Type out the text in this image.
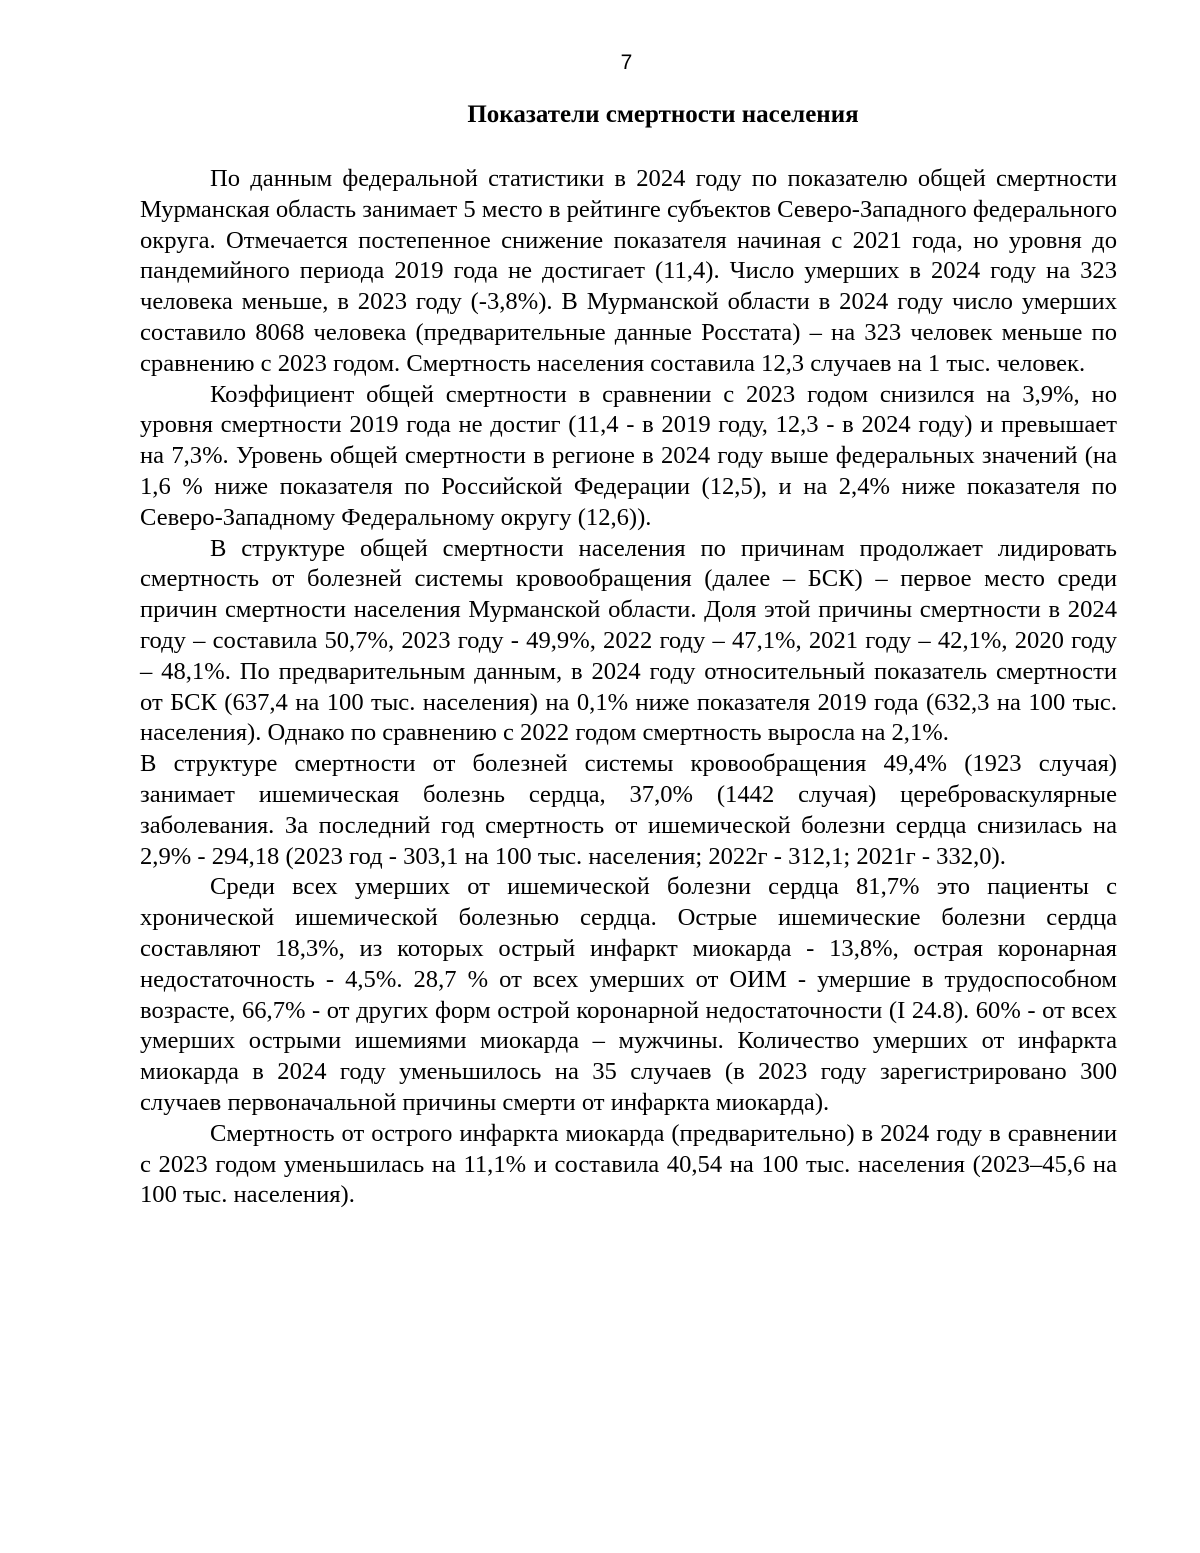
7
Показатели смертности населения

По данным федеральной статистики в 2024 году по показателю общей смертности Мурманская область занимает 5 место в рейтинге субъектов Северо-Западного федерального округа. Отмечается постепенное снижение показателя начиная с 2021 года, но уровня до пандемийного периода 2019 года не достигает (11,4). Число умерших в 2024 году на 323 человека меньше, в 2023 году (-3,8%). В Мурманской области в 2024 году число умерших составило 8068 человека (предварительные данные Росстата) – на 323 человек меньше по сравнению с 2023 годом. Смертность населения составила 12,3 случаев на 1 тыс. человек.

Коэффициент общей смертности в сравнении с 2023 годом снизился на 3,9%, но уровня смертности 2019 года не достиг (11,4 - в 2019 году, 12,3 - в 2024 году) и превышает на 7,3%. Уровень общей смертности в регионе в 2024 году выше федеральных значений (на 1,6 % ниже показателя по Российской Федерации (12,5), и на 2,4% ниже показателя по Северо-Западному Федеральному округу (12,6)).

В структуре общей смертности населения по причинам продолжает лидировать смертность от болезней системы кровообращения (далее – БСК) – первое место среди причин смертности населения Мурманской области. Доля этой причины смертности в 2024 году – составила 50,7%, 2023 году - 49,9%, 2022 году – 47,1%, 2021 году – 42,1%, 2020 году – 48,1%. По предварительным данным, в 2024 году относительный показатель смертности от БСК (637,4 на 100 тыс. населения) на 0,1% ниже показателя 2019 года (632,3 на 100 тыс. населения). Однако по сравнению с 2022 годом смертность выросла на 2,1%.

В структуре смертности от болезней системы кровообращения 49,4% (1923 случая) занимает ишемическая болезнь сердца, 37,0% (1442 случая) цереброваскулярные заболевания. За последний год смертность от ишемической болезни сердца снизилась на 2,9% - 294,18 (2023 год - 303,1 на 100 тыс. населения; 2022г - 312,1; 2021г - 332,0).

Среди всех умерших от ишемической болезни сердца 81,7% это пациенты с хронической ишемической болезнью сердца. Острые ишемические болезни сердца составляют 18,3%, из которых острый инфаркт миокарда - 13,8%, острая коронарная недостаточность - 4,5%. 28,7 % от всех умерших от ОИМ - умершие в трудоспособном возрасте, 66,7% - от других форм острой коронарной недостаточности (I 24.8). 60% - от всех умерших острыми ишемиями миокарда – мужчины. Количество умерших от инфаркта миокарда в 2024 году уменьшилось на 35 случаев (в 2023 году зарегистрировано 300 случаев первоначальной причины смерти от инфаркта миокарда).

Смертность от острого инфаркта миокарда (предварительно) в 2024 году в сравнении с 2023 годом уменьшилась на 11,1% и составила 40,54 на 100 тыс. населения (2023–45,6 на 100 тыс. населения).
